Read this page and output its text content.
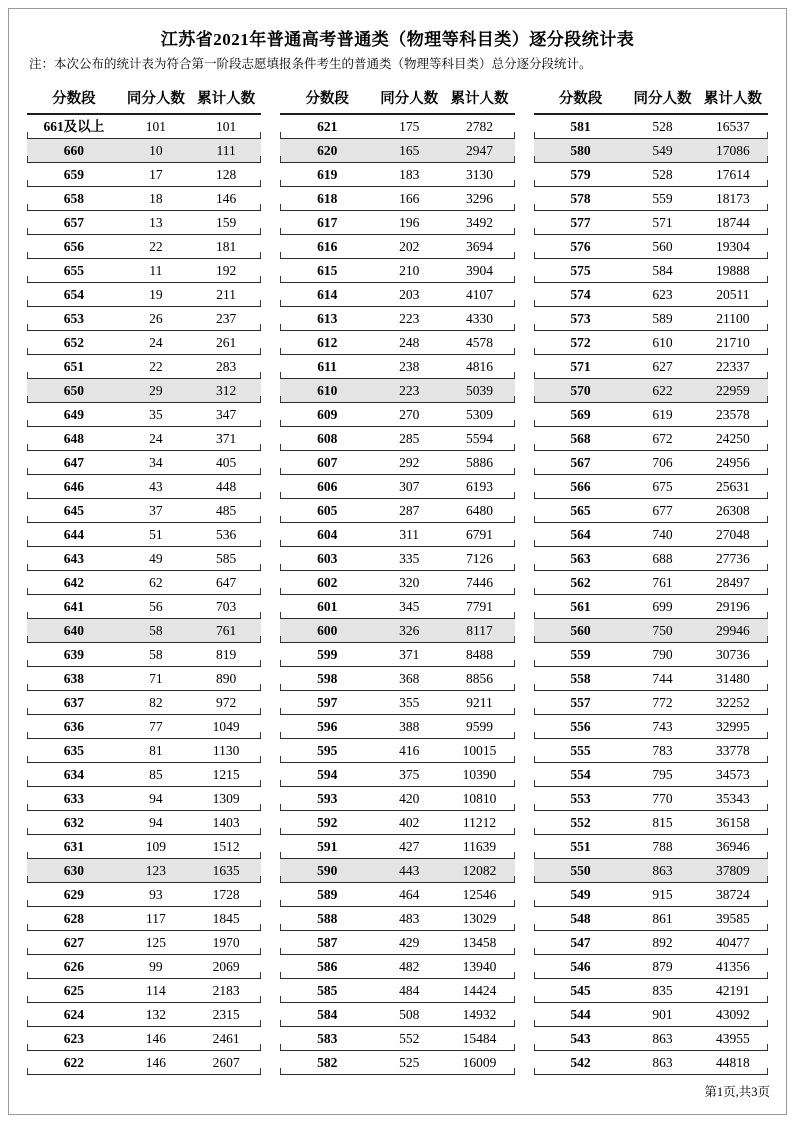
江苏省2021年普通高考普通类（物理等科目类）逐分段统计表

注：本次公布的统计表为符合第一阶段志愿填报条件考生的普通类（物理等科目类）总分逐分段统计。

分数段	同分人数	累计人数
661及以上	101	101
660	10	111
659	17	128
658	18	146
657	13	159
656	22	181
655	11	192
654	19	211
653	26	237
652	24	261
651	22	283
650	29	312
649	35	347
648	24	371
647	34	405
646	43	448
645	37	485
644	51	536
643	49	585
642	62	647
641	56	703
640	58	761
639	58	819
638	71	890
637	82	972
636	77	1049
635	81	1130
634	85	1215
633	94	1309
632	94	1403
631	109	1512
630	123	1635
629	93	1728
628	117	1845
627	125	1970
626	99	2069
625	114	2183
624	132	2315
623	146	2461
622	146	2607
分数段	同分人数	累计人数
621	175	2782
620	165	2947
619	183	3130
618	166	3296
617	196	3492
616	202	3694
615	210	3904
614	203	4107
613	223	4330
612	248	4578
611	238	4816
610	223	5039
609	270	5309
608	285	5594
607	292	5886
606	307	6193
605	287	6480
604	311	6791
603	335	7126
602	320	7446
601	345	7791
600	326	8117
599	371	8488
598	368	8856
597	355	9211
596	388	9599
595	416	10015
594	375	10390
593	420	10810
592	402	11212
591	427	11639
590	443	12082
589	464	12546
588	483	13029
587	429	13458
586	482	13940
585	484	14424
584	508	14932
583	552	15484
582	525	16009
分数段	同分人数	累计人数
581	528	16537
580	549	17086
579	528	17614
578	559	18173
577	571	18744
576	560	19304
575	584	19888
574	623	20511
573	589	21100
572	610	21710
571	627	22337
570	622	22959
569	619	23578
568	672	24250
567	706	24956
566	675	25631
565	677	26308
564	740	27048
563	688	27736
562	761	28497
561	699	29196
560	750	29946
559	790	30736
558	744	31480
557	772	32252
556	743	32995
555	783	33778
554	795	34573
553	770	35343
552	815	36158
551	788	36946
550	863	37809
549	915	38724
548	861	39585
547	892	40477
546	879	41356
545	835	42191
544	901	43092
543	863	43955
542	863	44818
第1页,共3页
